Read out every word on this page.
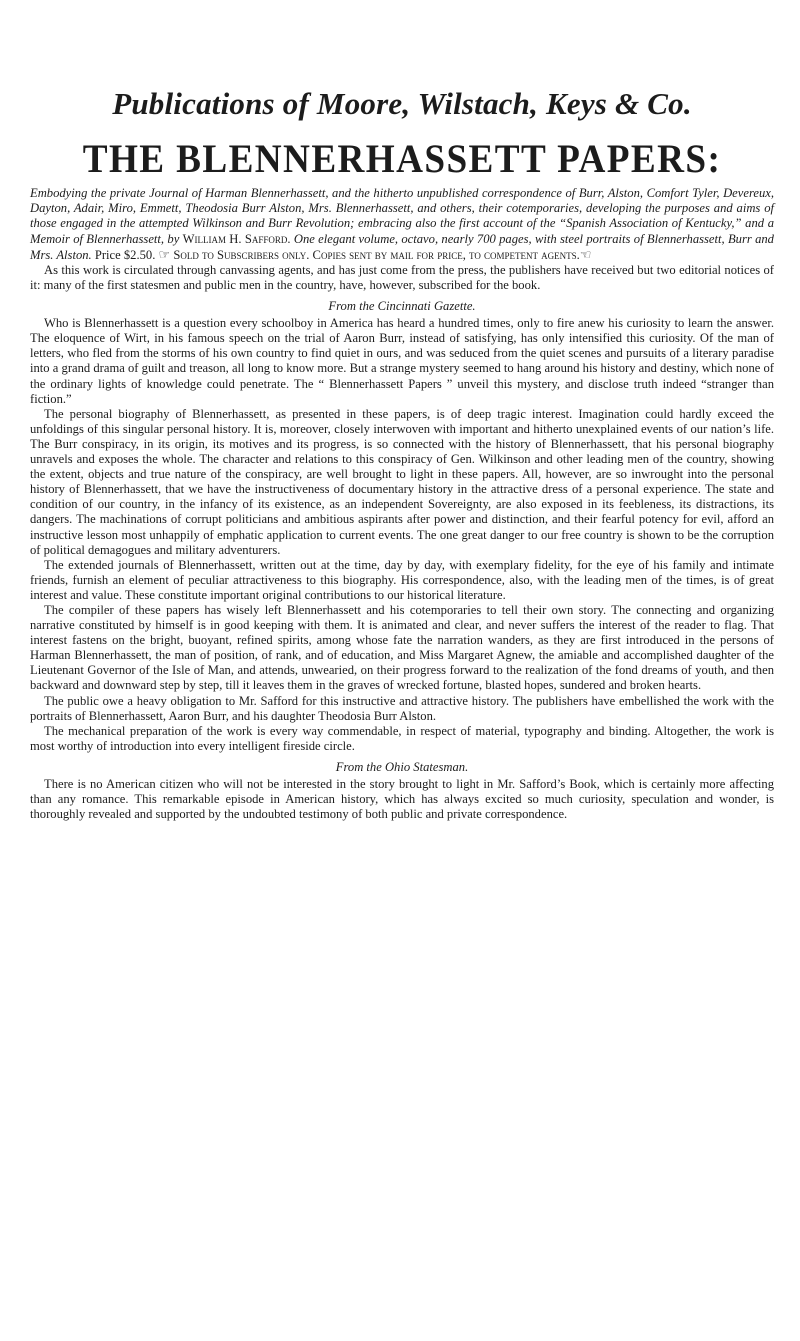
Publications of Moore, Wilstach, Keys & Co.
THE BLENNERHASSETT PAPERS:

Embodying the private Journal of Harman Blennerhassett, and the hitherto unpublished correspondence of Burr, Alston, Comfort Tyler, Devereux, Dayton, Adair, Miro, Emmett, Theodosia Burr Alston, Mrs. Blennerhassett, and others, their cotemporaries, developing the purposes and aims of those engaged in the attempted Wilkinson and Burr Revolution; embracing also the first account of the “Spanish Association of Kentucky,” and a Memoir of Blennerhassett, by William H. Safford. One elegant volume, octavo, nearly 700 pages, with steel portraits of Blennerhassett, Burr and Mrs. Alston. Price $2.50. ☞ Sold to Subscribers only. Copies sent by mail for price, to competent agents.☜

As this work is circulated through canvassing agents, and has just come from the press, the publishers have received but two editorial notices of it: many of the first statesmen and public men in the country, have, however, subscribed for the book.

From the Cincinnati Gazette.

Who is Blennerhassett is a question every schoolboy in America has heard a hundred times, only to fire anew his curiosity to learn the answer. The eloquence of Wirt, in his famous speech on the trial of Aaron Burr, instead of satisfying, has only intensified this curiosity. Of the man of letters, who fled from the storms of his own country to find quiet in ours, and was seduced from the quiet scenes and pursuits of a literary paradise into a grand drama of guilt and treason, all long to know more. But a strange mystery seemed to hang around his history and destiny, which none of the ordinary lights of knowledge could penetrate. The “ Blennerhassett Papers ” unveil this mystery, and disclose truth indeed “stranger than fiction.”

The personal biography of Blennerhassett, as presented in these papers, is of deep tragic interest. Imagination could hardly exceed the unfoldings of this singular personal history. It is, moreover, closely interwoven with important and hitherto unexplained events of our nation’s life. The Burr conspiracy, in its origin, its motives and its progress, is so connected with the history of Blennerhassett, that his personal biography unravels and exposes the whole. The character and relations to this conspiracy of Gen. Wilkinson and other leading men of the country, showing the extent, objects and true nature of the conspiracy, are well brought to light in these papers. All, however, are so inwrought into the personal history of Blennerhassett, that we have the instructiveness of documentary history in the attractive dress of a personal experience. The state and condition of our country, in the infancy of its existence, as an independent Sovereignty, are also exposed in its feebleness, its distractions, its dangers. The machinations of corrupt politicians and ambitious aspirants after power and distinction, and their fearful potency for evil, afford an instructive lesson most unhappily of emphatic application to current events. The one great danger to our free country is shown to be the corruption of political demagogues and military adventurers.

The extended journals of Blennerhassett, written out at the time, day by day, with exemplary fidelity, for the eye of his family and intimate friends, furnish an element of peculiar attractiveness to this biography. His correspondence, also, with the leading men of the times, is of great interest and value. These constitute important original contributions to our historical literature.

The compiler of these papers has wisely left Blennerhassett and his cotemporaries to tell their own story. The connecting and organizing narrative constituted by himself is in good keeping with them. It is animated and clear, and never suffers the interest of the reader to flag. That interest fastens on the bright, buoyant, refined spirits, among whose fate the narration wanders, as they are first introduced in the persons of Harman Blennerhassett, the man of position, of rank, and of education, and Miss Margaret Agnew, the amiable and accomplished daughter of the Lieutenant Governor of the Isle of Man, and attends, unwearied, on their progress forward to the realization of the fond dreams of youth, and then backward and downward step by step, till it leaves them in the graves of wrecked fortune, blasted hopes, sundered and broken hearts.

The public owe a heavy obligation to Mr. Safford for this instructive and attractive history. The publishers have embellished the work with the portraits of Blennerhassett, Aaron Burr, and his daughter Theodosia Burr Alston.

The mechanical preparation of the work is every way commendable, in respect of material, typography and binding. Altogether, the work is most worthy of introduction into every intelligent fireside circle.

From the Ohio Statesman.

There is no American citizen who will not be interested in the story brought to light in Mr. Safford’s Book, which is certainly more affecting than any romance. This remarkable episode in American history, which has always excited so much curiosity, speculation and wonder, is thoroughly revealed and supported by the undoubted testimony of both public and private correspondence.
